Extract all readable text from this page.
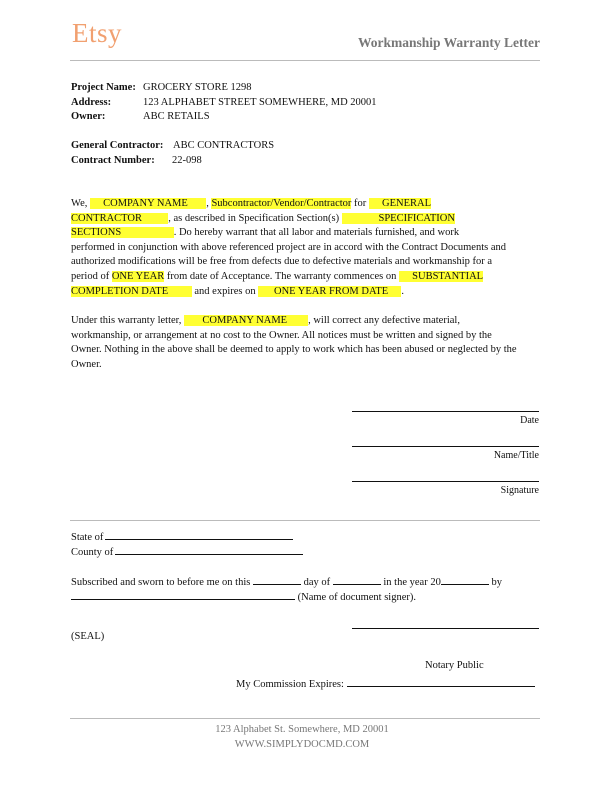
Etsy	Workmanship Warranty Letter
Project Name: GROCERY STORE 1298
Address:	123 ALPHABET STREET SOMEWHERE, MD 20001
Owner:	ABC RETAILS
General Contractor: ABC CONTRACTORS
Contract Number: 22-098
We,      COMPANY NAME       , Subcontractor/Vendor/Contractor for      GENERAL
CONTRACTOR          , as described in Specification Section(s)               SPECIFICATION
SECTIONS                    . Do hereby warrant that all labor and materials furnished, and work
performed in conjunction with above referenced project are in accord with the Contract Documents and
authorized modifications will be free from defects due to defective materials and workmanship for a
period of ONE YEAR from date of Acceptance. The warranty commences on      SUBSTANTIAL
COMPLETION DATE          and expires on       ONE YEAR FROM DATE     .
Under this warranty letter,        COMPANY NAME        , will correct any defective material,
workmanship, or arrangement at no cost to the Owner. All notices must be written and signed by the
Owner. Nothing in the above shall be deemed to apply to work which has been abused or neglected by the
Owner.
Date
Name/Title
Signature
State of
County of
Subscribed and sworn to before me on this	day of	in the year 20	by
(Name of document signer).
(SEAL)
Notary Public
My Commission Expires:
123 Alphabet St. Somewhere, MD 20001
WWW.SIMPLYDOCMD.COM
